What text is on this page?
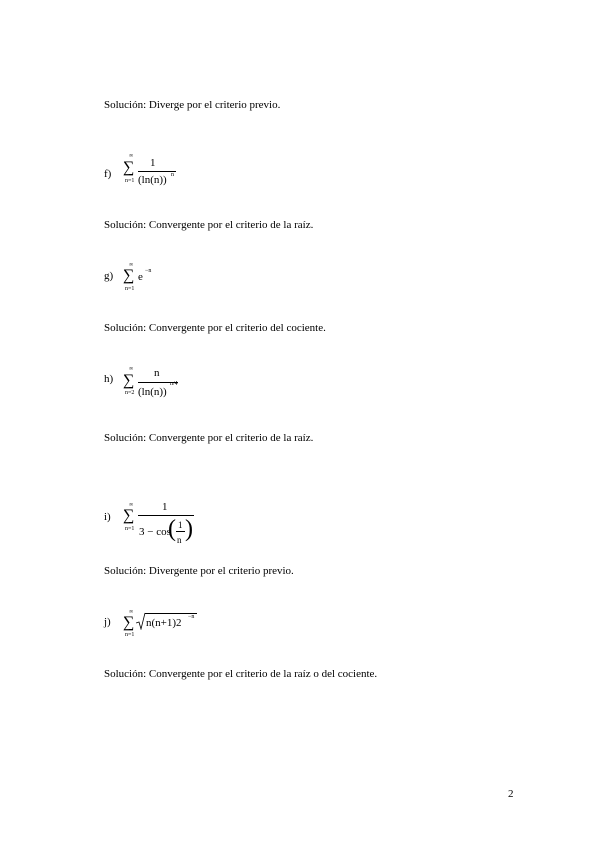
Solución: Diverge por el criterio previo.
f)
∞
∑
n=1
1
(ln(n)) n
Solución: Convergente por el criterio de la raíz.
g)
∞
∑
n=1
e −n
Solución: Convergente por el criterio del cociente.
h)
∞
∑
n=2
n
(ln(n))
n/4
Solución: Convergente por el criterio de la raíz.
i)
∞
∑
n=1
1
3 − cos
( 1
n )
Solución: Divergente por el criterio previo.
j)
∞
∑
n=1
n(n+1)2 −n
Solución: Convergente por el criterio de la raíz o del cociente.
2
